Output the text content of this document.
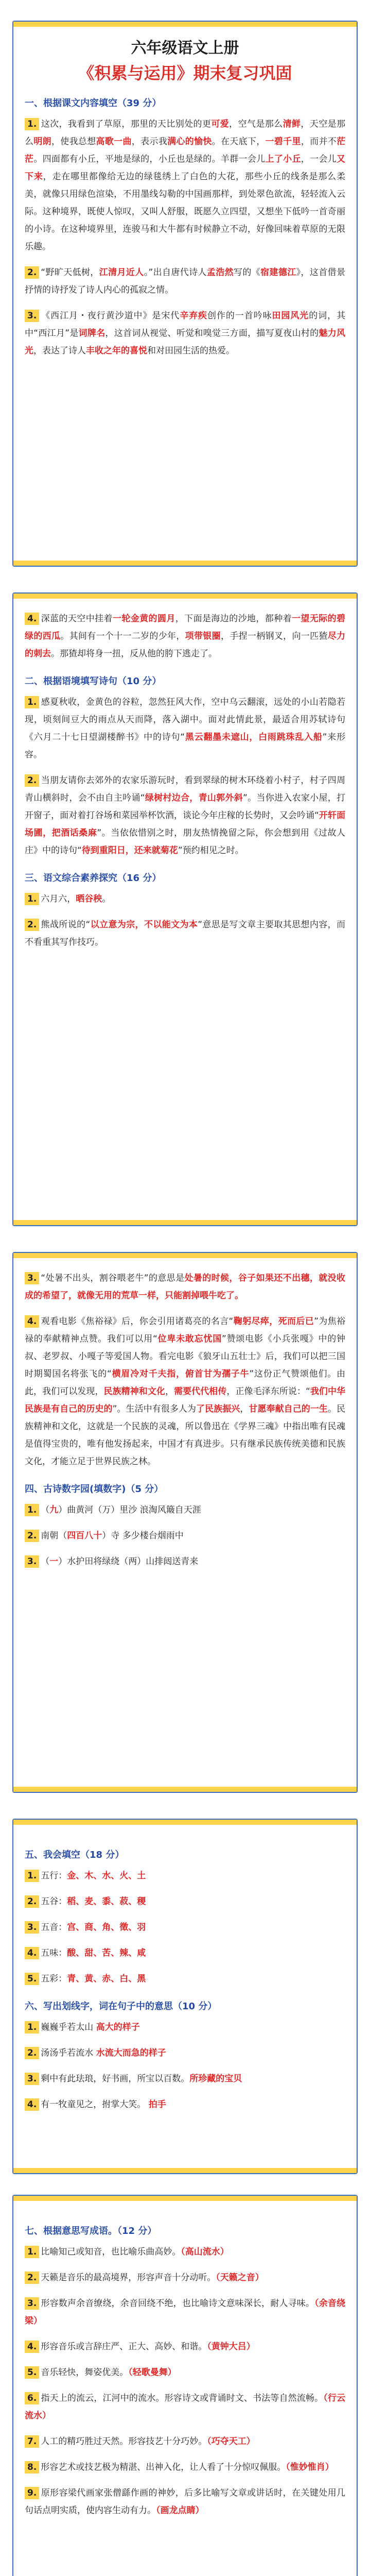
六年级语文上册
《积累与运用》期末复习巩固
一、根据课文内容填空（39 分）

1. 这次，我看到了草原，那里的天比别处的更可爱，空气是那么清鲜，天空是那么明朗，使我总想高歌一曲，表示我满心的愉快。在天底下，一碧千里，而并不茫茫。四面都有小丘，平地是绿的，小丘也是绿的。羊群一会儿上了小丘，一会儿又下来，走在哪里都像给无边的绿毯绣上了白色的大花，那些小丘的线条是那么柔美，就像只用绿色渲染，不用墨线勾勒的中国画那样，到处翠色欲流，轻轻流入云际。这种境界，既使人惊叹，又叫人舒服，既愿久立四望，又想坐下低吟一首奇丽的小诗。在这种境界里，连骏马和大牛都有时候静立不动，好像回味着草原的无限乐趣。

2. “野旷天低树，江清月近人。”出自唐代诗人孟浩然写的《宿建德江》，这首借景抒情的诗抒发了诗人内心的孤寂之情。

3. 《西江月・夜行黄沙道中》是宋代辛弃疾创作的一首吟咏田园风光的词，其中“西江月”是词牌名，这首词从视觉、听觉和嗅觉三方面，描写夏夜山村的魅力风光，表达了诗人丰收之年的喜悦和对田园生活的热爱。

4. 深蓝的天空中挂着一轮金黄的圆月，下面是海边的沙地，都种着一望无际的碧绿的西瓜。其间有一个十一二岁的少年，项带银圈，手捏一柄钢叉，向一匹猹尽力的刺去。那猹却将身一扭，反从他的胯下逃走了。

二、根据语境填写诗句（10 分）

1. 感夏秋收，金黄色的谷粒，忽然狂风大作，空中乌云翻滚，远处的小山若隐若现，顷刻间豆大的雨点从天而降，落入湖中。面对此情此景，最适合用苏轼诗句《六月二十七日望湖楼醉书》中的诗句“黑云翻墨未遮山，白雨跳珠乱入船”来形容。

2. 当朋友请你去郊外的农家乐游玩时，看到翠绿的树木环绕着小村子，村子四周青山横斜时，会不由自主吟诵“绿树村边合，青山郭外斜”。当你进入农家小屋，打开窗子，面对着打谷场和菜园举杯饮酒，谈论今年庄稼的长势时，又会吟诵“开轩面场圃，把酒话桑麻”。当依依惜别之时，朋友热情挽留之际，你会想到用《过故人庄》中的诗句“待到重阳日，还来就菊花”预约相见之时。

三、语文综合素养探究（16 分）

1. 六月六，晒谷秧。

2. 熊战所说的“以立意为宗，不以能文为本”意思是写文章主要取其思想内容，而不看重其写作技巧。

3. “处暑不出头，割谷喂老牛”的意思是处暑的时候，谷子如果还不出穗，就没收成的希望了，就像无用的荒草一样，只能割掉喂牛吃了。

4. 观看电影《焦裕禄》后，你会引用诸葛亮的名言“鞠躬尽瘁，死而后已”为焦裕禄的奉献精神点赞。我们可以用“位卑未敢忘忧国”赞颂电影《小兵张嘎》中的钟叔、老罗叔、小嘎子等爱国人物。看完电影《狼牙山五壮士》后，我们可以把三国时期蜀国名将张飞的“横眉冷对千夫指，俯首甘为孺子牛”这份正气赞颂他们。由此，我们可以发现，民族精神和文化，需要代代相传，正像毛泽东所说：“我们中华民族是有自己的历史的”。生活中有很多人为了民族振兴，甘愿奉献自己的一生。民族精神和文化，这就是一个民族的灵魂，所以鲁迅在《学界三魂》中指出唯有民魂是值得宝贵的，唯有他发扬起来，中国才有真进步。只有继承民族传统美德和民族文化，才能立足于世界民族之林。

四、古诗数字园(填数字)（5 分）

1. （九）曲黄河（万）里沙 浪淘风簸自天涯

2. 南朝（四百八十）寺 多少楼台烟雨中

3. （一）水护田将绿绕（两）山排闼送青来

五、我会填空（18 分）

1. 五行：金、木、水、火、土

2. 五谷：稻、麦、黍、菽、稷

3. 五音：宫、商、角、徵、羽

4. 五味：酸、甜、苦、辣、咸

5. 五彩：青、黄、赤、白、黑

六、写出划线字，词在句子中的意思（10 分）

1. 巍巍乎若太山 高大的样子

2. 汤汤乎若流水 水流大而急的样子

3. 剩中有此珐琅，好书画，所宝以百数。所珍藏的宝贝

4. 有一牧童见之，拊掌大笑。 拍手

七、根据意思写成语。（12 分）

1. 比喻知己或知音，也比喻乐曲高妙。（高山流水）

2. 天籁是音乐的最高境界，形容声音十分动听。（天籁之音）

3. 形容数声余音缭绕，余音回绕不绝，也比喻诗文意味深长，耐人寻味。（余音绕梁）

4. 形容音乐或言辞庄严、正大、高妙、和谐。（黄钟大吕）

5. 音乐轻快，舞姿优美。（轻歌曼舞）

6. 指天上的流云，江河中的流水。形容诗文或背诵时文、书法等自然流畅。（行云流水）

7. 人工的精巧胜过天然。形容技艺十分巧妙。（巧夺天工）

8. 形容艺术或技艺极为精湛、出神入化，让人看了十分惊叹佩服。（惟妙惟肖）

9. 原形容梁代画家张僧繇作画的神妙，后多比喻写文章或讲话时，在关键处用几句话点明实质，使内容生动有力。（画龙点睛）
